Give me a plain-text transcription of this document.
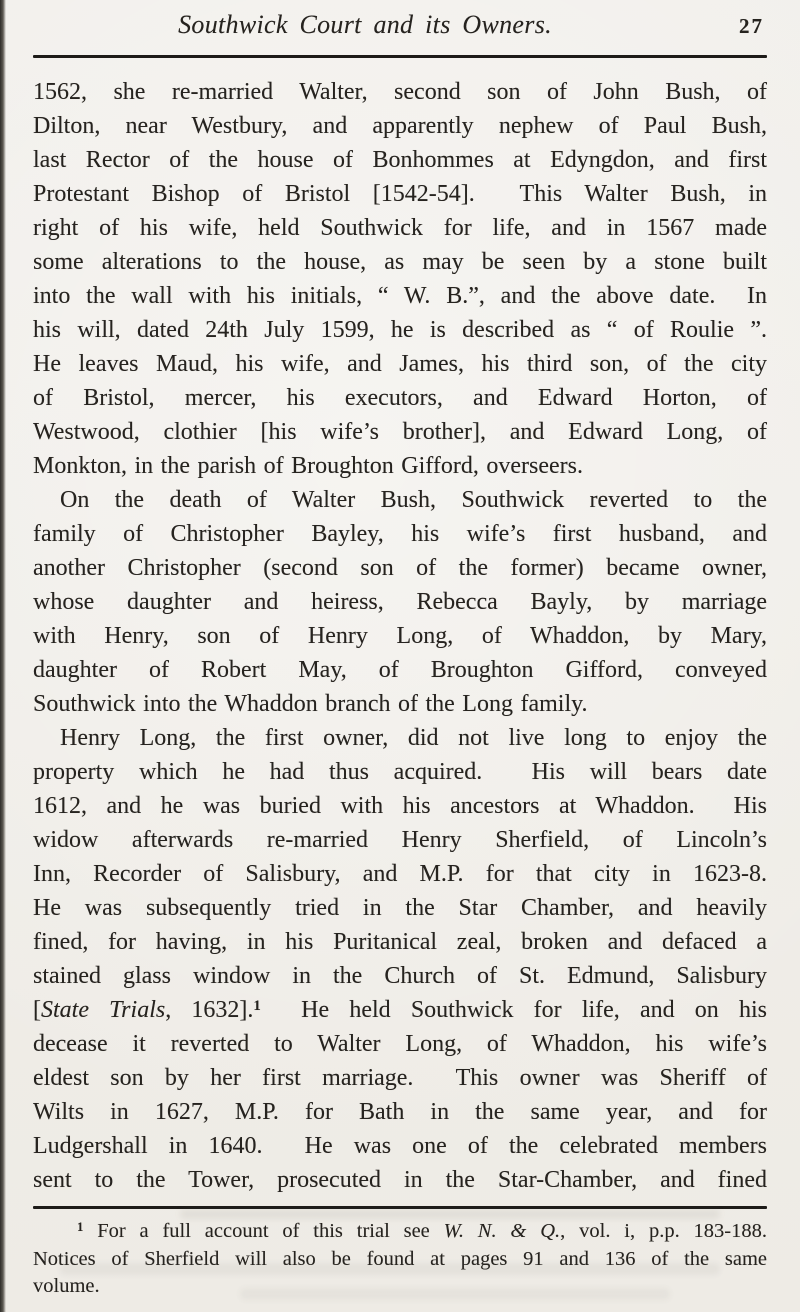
Southwick Court and its Owners.	27
1562, she re-married Walter, second son of John Bush, of
Dilton, near Westbury, and apparently nephew of Paul Bush,
last Rector of the house of Bonhommes at Edyngdon, and first
Protestant Bishop of Bristol [1542-54].  This Walter Bush, in
right of his wife, held Southwick for life, and in 1567 made
some alterations to the house, as may be seen by a stone built
into the wall with his initials, “ W. B.”, and the above date.  In
his will, dated 24th July 1599, he is described as “ of Roulie ”.
He leaves Maud, his wife, and James, his third son, of the city
of Bristol, mercer, his executors, and Edward Horton, of
Westwood, clothier [his wife’s brother], and Edward Long, of
Monkton, in the parish of Broughton Gifford, overseers.
On the death of Walter Bush, Southwick reverted to the
family of Christopher Bayley, his wife’s first husband, and
another Christopher (second son of the former) became owner,
whose daughter and heiress, Rebecca Bayly, by marriage
with Henry, son of Henry Long, of Whaddon, by Mary,
daughter of Robert May, of Broughton Gifford, conveyed
Southwick into the Whaddon branch of the Long family.
Henry Long, the first owner, did not live long to enjoy the
property which he had thus acquired.  His will bears date
1612, and he was buried with his ancestors at Whaddon.  His
widow afterwards re-married Henry Sherfield, of Lincoln’s
Inn, Recorder of Salisbury, and M.P. for that city in 1623-8.
He was subsequently tried in the Star Chamber, and heavily
fined, for having, in his Puritanical zeal, broken and defaced a
stained glass window in the Church of St. Edmund, Salisbury
[State Trials, 1632].$^1$  He held Southwick for life, and on his
decease it reverted to Walter Long, of Whaddon, his wife’s
eldest son by her first marriage.  This owner was Sheriff of
Wilts in 1627, M.P. for Bath in the same year, and for
Ludgershall in 1640.  He was one of the celebrated members
sent to the Tower, prosecuted in the Star-Chamber, and fined
$^1$ For a full account of this trial see W. N. & Q., vol. i, p.p. 183-188.
Notices of Sherfield will also be found at pages 91 and 136 of the same
volume.
